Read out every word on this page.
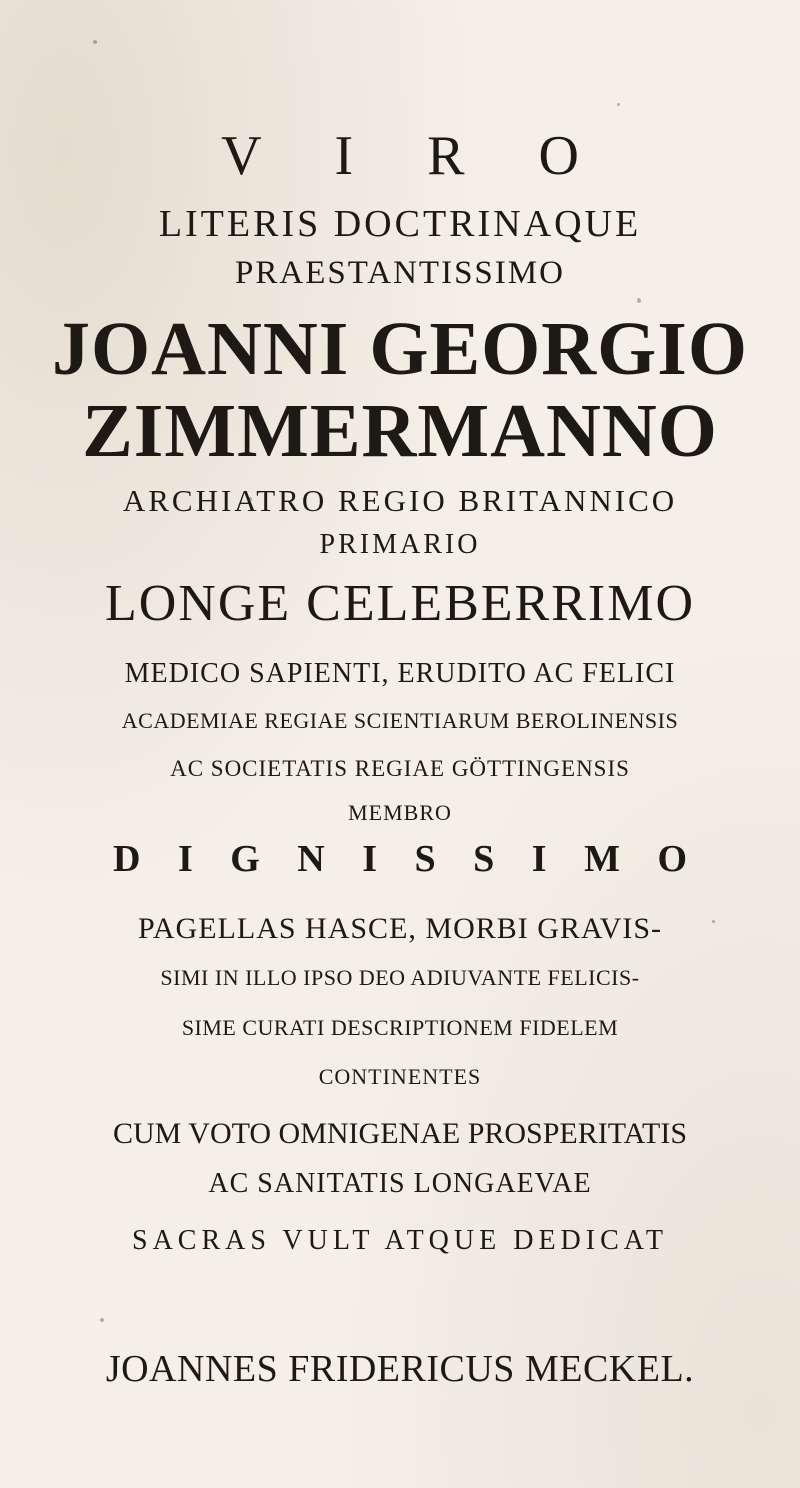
V I R O
LITERIS DOCTRINAQUE
PRAESTANTISSIMO
JOANNI GEORGIO
ZIMMERMANNO
ARCHIATRO REGIO BRITANNICO
PRIMARIO
LONGE CELEBERRIMO
MEDICO SAPIENTI, ERUDITO AC FELICI
ACADEMIAE REGIAE SCIENTIARUM BEROLINENSIS
AC SOCIETATIS REGIAE GÖTTINGENSIS
MEMBRO
D I G N I S S I M O
PAGELLAS HASCE, MORBI GRAVIS-
SIMI IN ILLO IPSO DEO ADIUVANTE FELICIS-
SIME CURATI DESCRIPTIONEM FIDELEM
CONTINENTES
CUM VOTO OMNIGENAE PROSPERITATIS
AC SANITATIS LONGAEVAE
SACRAS VULT ATQUE DEDICAT
JOANNES FRIDERICUS MECKEL.
